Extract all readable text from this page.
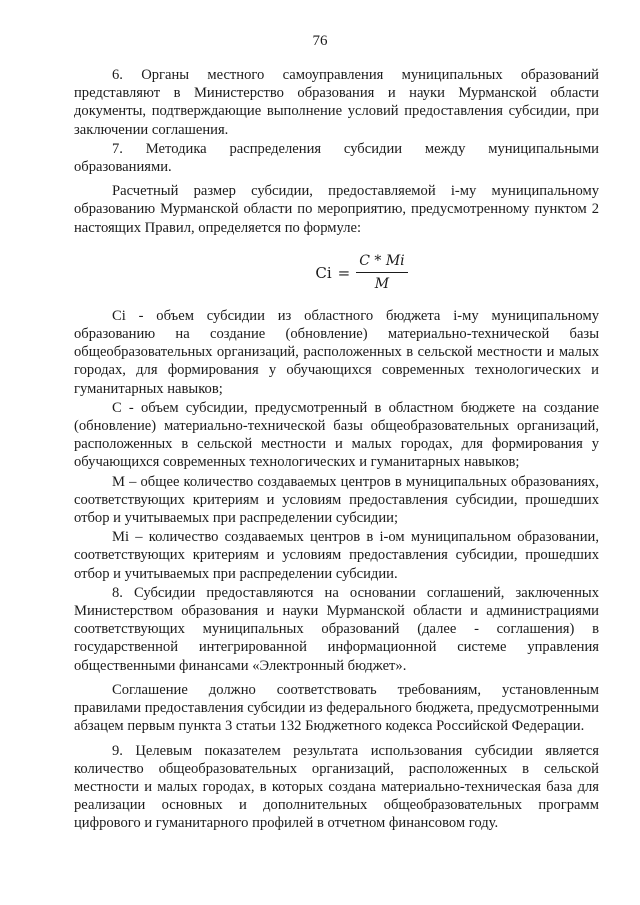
76

6. Органы местного самоуправления муниципальных образований представляют в Министерство образования и науки Мурманской области документы, подтверждающие выполнение условий предоставления субсидии, при заключении соглашения.

7. Методика распределения субсидии между муниципальными образованиями.

Расчетный размер субсидии, предоставляемой i-му муниципальному образованию Мурманской области по мероприятию, предусмотренному пунктом 2 настоящих Правил, определяется по формуле:

$Ci = \frac{C * Mi}{M}$

Ci - объем субсидии из областного бюджета i-му муниципальному образованию на создание (обновление) материально-технической базы общеобразовательных организаций, расположенных в сельской местности и малых городах, для формирования у обучающихся современных технологических и гуманитарных навыков;

С - объем субсидии, предусмотренный в областном бюджете на создание (обновление) материально-технической базы общеобразовательных организаций, расположенных в сельской местности и малых городах, для формирования у обучающихся современных технологических и гуманитарных навыков;

М – общее количество создаваемых центров в муниципальных образованиях, соответствующих критериям и условиям предоставления субсидии, прошедших отбор и учитываемых при распределении субсидии;

Mi – количество создаваемых центров в i-ом муниципальном образовании, соответствующих критериям и условиям предоставления субсидии, прошедших отбор и учитываемых при распределении субсидии.

8. Субсидии предоставляются на основании соглашений, заключенных Министерством образования и науки Мурманской области и администрациями соответствующих муниципальных образований (далее - соглашения) в государственной интегрированной информационной системе управления общественными финансами «Электронный бюджет».

Соглашение должно соответствовать требованиям, установленным правилами предоставления субсидии из федерального бюджета, предусмотренными абзацем первым пункта 3 статьи 132 Бюджетного кодекса Российской Федерации.

9. Целевым показателем результата использования субсидии является количество общеобразовательных организаций, расположенных в сельской местности и малых городах, в которых создана материально-техническая база для реализации основных и дополнительных общеобразовательных программ цифрового и гуманитарного профилей в отчетном финансовом году.
